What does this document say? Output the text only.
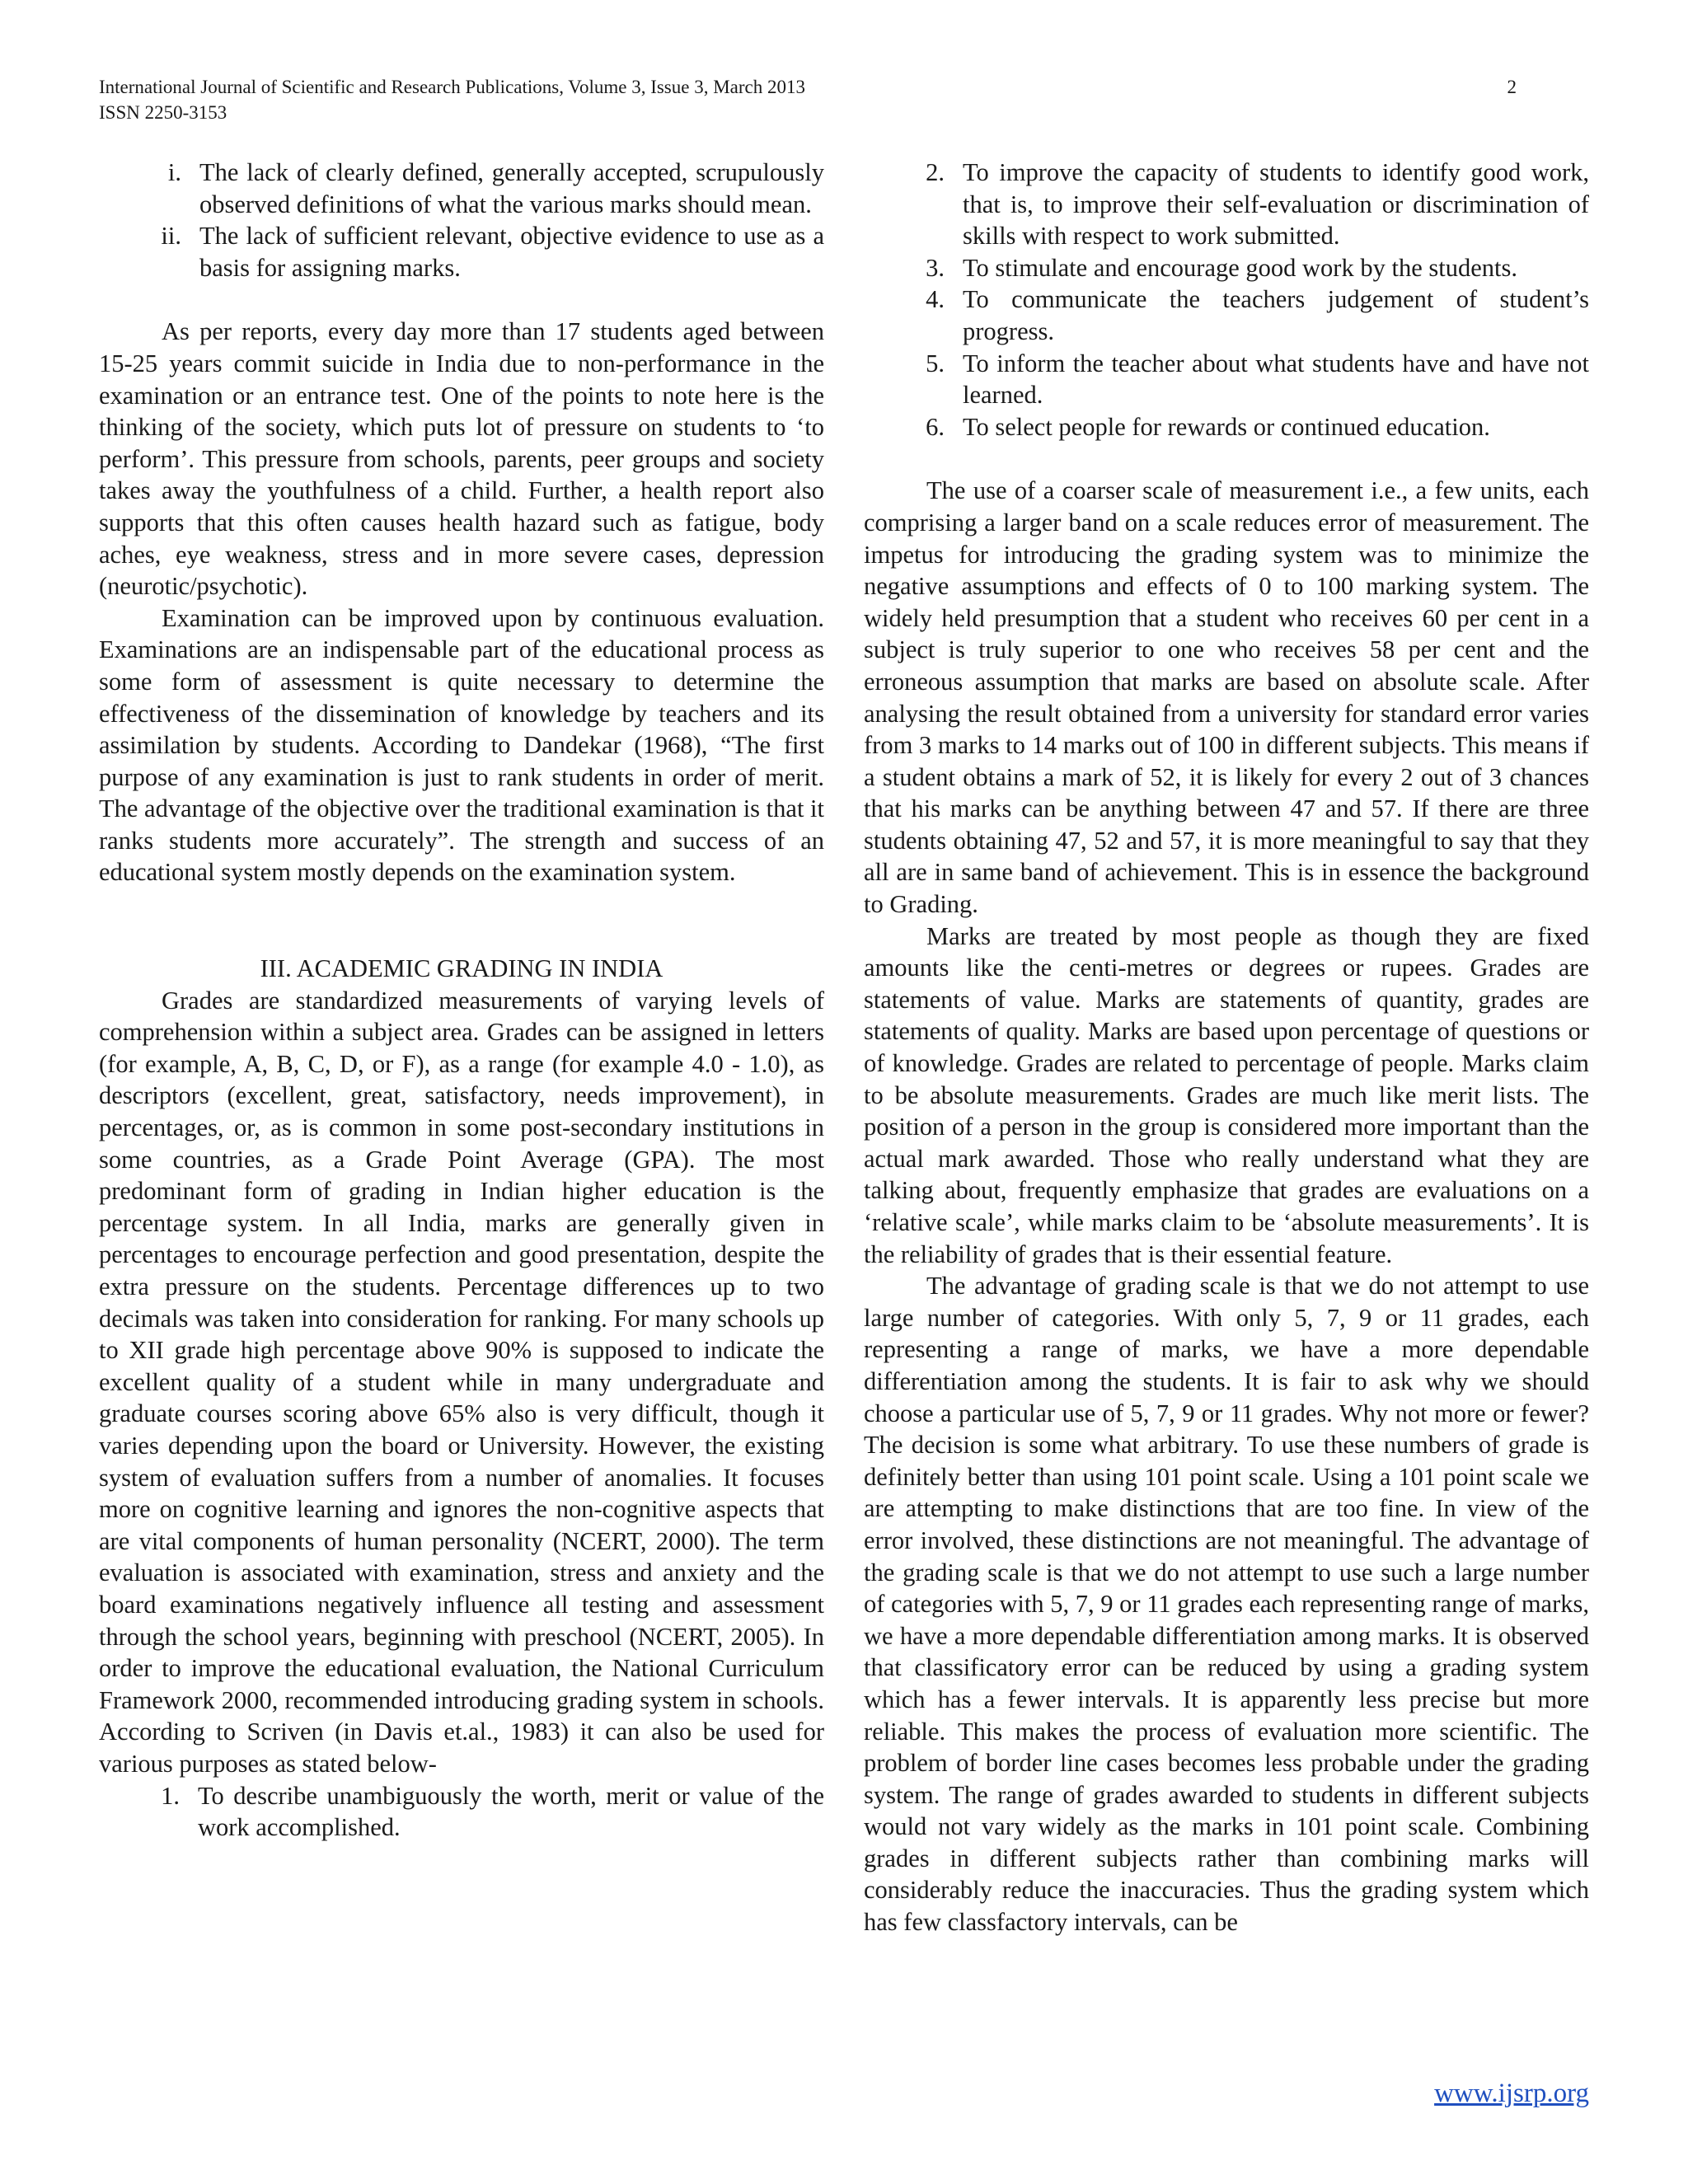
International Journal of Scientific and Research Publications, Volume 3, Issue 3, March 2013
ISSN 2250-3153
2
i. The lack of clearly defined, generally accepted, scrupulously observed definitions of what the various marks should mean.
ii. The lack of sufficient relevant, objective evidence to use as a basis for assigning marks.

As per reports, every day more than 17 students aged between 15-25 years commit suicide in India due to non-performance in the examination or an entrance test. One of the points to note here is the thinking of the society, which puts lot of pressure on students to ‘to perform’. This pressure from schools, parents, peer groups and society takes away the youthfulness of a child. Further, a health report also supports that this often causes health hazard such as fatigue, body aches, eye weakness, stress and in more severe cases, depression (neurotic/psychotic).

Examination can be improved upon by continuous evaluation. Examinations are an indispensable part of the educational process as some form of assessment is quite necessary to determine the effectiveness of the dissemination of knowledge by teachers and its assimilation by students. According to Dandekar (1968), “The first purpose of any examination is just to rank students in order of merit. The advantage of the objective over the traditional examination is that it ranks students more accurately”. The strength and success of an educational system mostly depends on the examination system.

III. ACADEMIC GRADING IN INDIA

Grades are standardized measurements of varying levels of comprehension within a subject area. Grades can be assigned in letters (for example, A, B, C, D, or F), as a range (for example 4.0 - 1.0), as descriptors (excellent, great, satisfactory, needs improvement), in percentages, or, as is common in some post-secondary institutions in some countries, as a Grade Point Average (GPA). The most predominant form of grading in Indian higher education is the percentage system. In all India, marks are generally given in percentages to encourage perfection and good presentation, despite the extra pressure on the students. Percentage differences up to two decimals was taken into consideration for ranking. For many schools up to XII grade high percentage above 90% is supposed to indicate the excellent quality of a student while in many undergraduate and graduate courses scoring above 65% also is very difficult, though it varies depending upon the board or University. However, the existing system of evaluation suffers from a number of anomalies. It focuses more on cognitive learning and ignores the non-cognitive aspects that are vital components of human personality (NCERT, 2000). The term evaluation is associated with examination, stress and anxiety and the board examinations negatively influence all testing and assessment through the school years, beginning with preschool (NCERT, 2005). In order to improve the educational evaluation, the National Curriculum Framework 2000, recommended introducing grading system in schools. According to Scriven (in Davis et.al., 1983) it can also be used for various purposes as stated below-

1. To describe unambiguously the worth, merit or value of the work accomplished.
2. To improve the capacity of students to identify good work, that is, to improve their self-evaluation or discrimination of skills with respect to work submitted.
3. To stimulate and encourage good work by the students.
4. To communicate the teachers judgement of student’s progress.
5. To inform the teacher about what students have and have not learned.
6. To select people for rewards or continued education.

The use of a coarser scale of measurement i.e., a few units, each comprising a larger band on a scale reduces error of measurement. The impetus for introducing the grading system was to minimize the negative assumptions and effects of 0 to 100 marking system. The widely held presumption that a student who receives 60 per cent in a subject is truly superior to one who receives 58 per cent and the erroneous assumption that marks are based on absolute scale. After analysing the result obtained from a university for standard error varies from 3 marks to 14 marks out of 100 in different subjects. This means if a student obtains a mark of 52, it is likely for every 2 out of 3 chances that his marks can be anything between 47 and 57. If there are three students obtaining 47, 52 and 57, it is more meaningful to say that they all are in same band of achievement. This is in essence the background to Grading.

Marks are treated by most people as though they are fixed amounts like the centi-metres or degrees or rupees. Grades are statements of value. Marks are statements of quantity, grades are statements of quality. Marks are based upon percentage of questions or of knowledge. Grades are related to percentage of people. Marks claim to be absolute measurements. Grades are much like merit lists. The position of a person in the group is considered more important than the actual mark awarded. Those who really understand what they are talking about, frequently emphasize that grades are evaluations on a ‘relative scale’, while marks claim to be ‘absolute measurements’. It is the reliability of grades that is their essential feature.

The advantage of grading scale is that we do not attempt to use large number of categories. With only 5, 7, 9 or 11 grades, each representing a range of marks, we have a more dependable differentiation among the students. It is fair to ask why we should choose a particular use of 5, 7, 9 or 11 grades. Why not more or fewer? The decision is some what arbitrary. To use these numbers of grade is definitely better than using 101 point scale. Using a 101 point scale we are attempting to make distinctions that are too fine. In view of the error involved, these distinctions are not meaningful. The advantage of the grading scale is that we do not attempt to use such a large number of categories with 5, 7, 9 or 11 grades each representing range of marks, we have a more dependable differentiation among marks. It is observed that classificatory error can be reduced by using a grading system which has a fewer intervals. It is apparently less precise but more reliable. This makes the process of evaluation more scientific. The problem of border line cases becomes less probable under the grading system. The range of grades awarded to students in different subjects would not vary widely as the marks in 101 point scale. Combining grades in different subjects rather than combining marks will considerably reduce the inaccuracies. Thus the grading system which has few classfactory intervals, can be

www.ijsrp.org
